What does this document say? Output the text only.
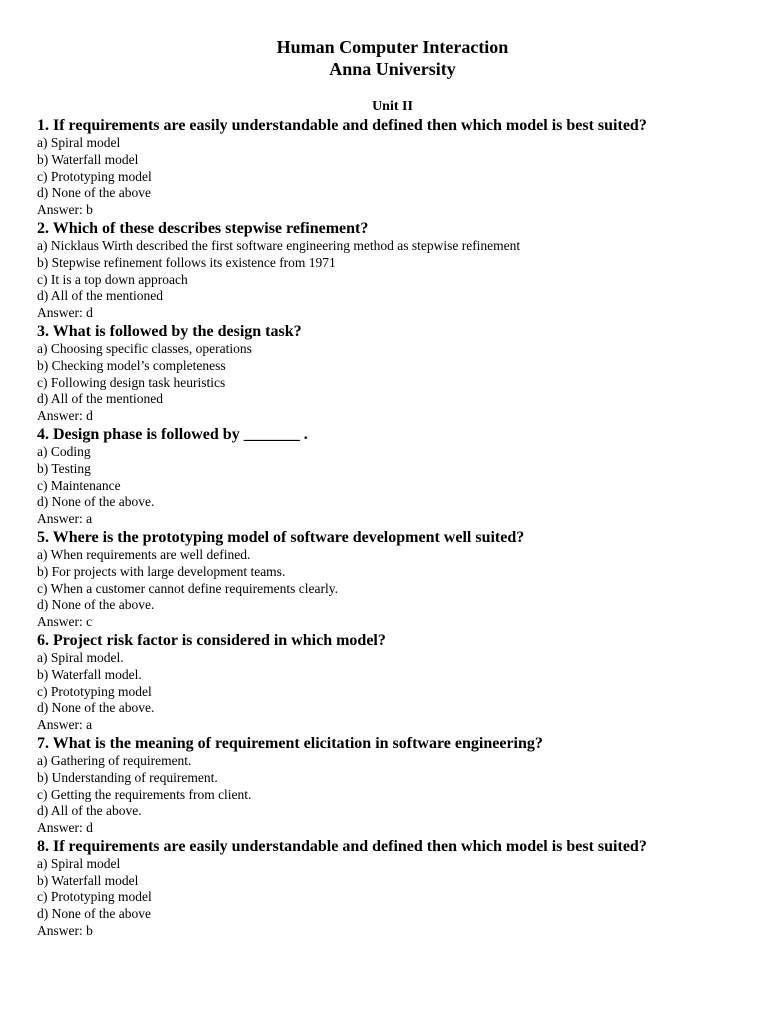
Human Computer Interaction
Anna University
Unit II
1. If requirements are easily understandable and defined then which model is best suited?
a) Spiral model
b) Waterfall model
c) Prototyping model
d) None of the above
Answer: b
2. Which of these describes stepwise refinement?
a) Nicklaus Wirth described the first software engineering method as stepwise refinement
b) Stepwise refinement follows its existence from 1971
c) It is a top down approach
d) All of the mentioned
Answer: d
3. What is followed by the design task?
a) Choosing specific classes, operations
b) Checking model’s completeness
c) Following design task heuristics
d) All of the mentioned
Answer: d
4. Design phase is followed by _______ .
a) Coding
b) Testing
c) Maintenance
d) None of the above.
Answer: a
5. Where is the prototyping model of software development well suited?
a) When requirements are well defined.
b) For projects with large development teams.
c) When a customer cannot define requirements clearly.
d) None of the above.
Answer: c
6. Project risk factor is considered in which model?
a) Spiral model.
b) Waterfall model.
c) Prototyping model
d) None of the above.
Answer: a
7. What is the meaning of requirement elicitation in software engineering?
a) Gathering of requirement.
b) Understanding of requirement.
c) Getting the requirements from client.
d) All of the above.
Answer: d
8. If requirements are easily understandable and defined then which model is best suited?
a) Spiral model
b) Waterfall model
c) Prototyping model
d) None of the above
Answer: b
